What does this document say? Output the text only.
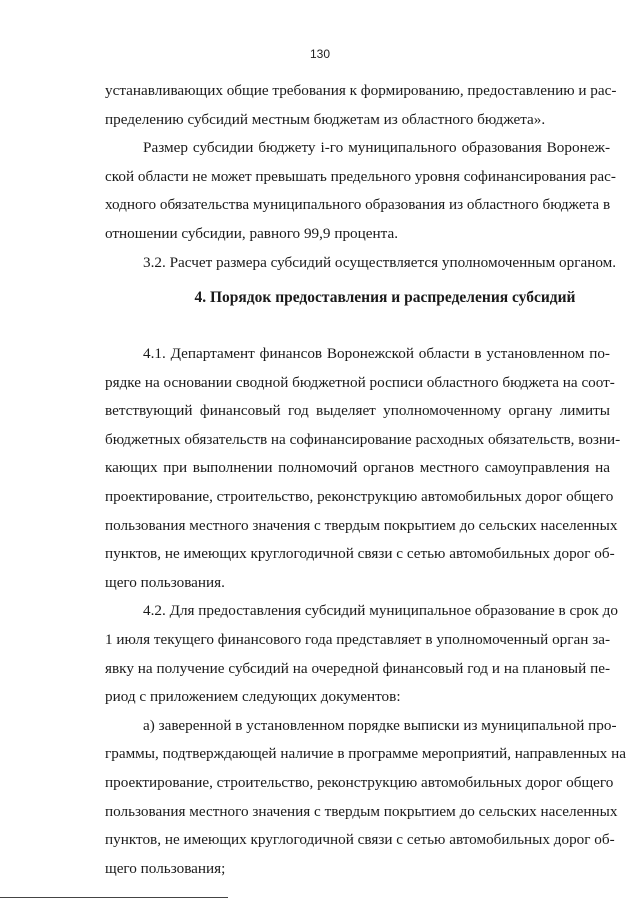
130
устанавливающих общие требования к формированию, предоставлению и рас-
пределению субсидий местным бюджетам из областного бюджета».
Размер субсидии бюджету i-го муниципального образования Воронеж-
ской области не может превышать предельного уровня софинансирования рас-
ходного обязательства муниципального образования из областного бюджета в
отношении субсидии, равного 99,9 процента.
3.2. Расчет размера субсидий осуществляется уполномоченным органом.
4. Порядок предоставления и распределения субсидий
4.1. Департамент финансов Воронежской области в установленном по-
рядке на основании сводной бюджетной росписи областного бюджета на соот-
ветствующий финансовый год выделяет уполномоченному органу лимиты
бюджетных обязательств на софинансирование расходных обязательств, возни-
кающих при выполнении полномочий органов местного самоуправления на
проектирование, строительство, реконструкцию автомобильных дорог общего
пользования местного значения с твердым покрытием до сельских населенных
пунктов, не имеющих круглогодичной связи с сетью автомобильных дорог об-
щего пользования.
4.2. Для предоставления субсидий муниципальное образование в срок до
1 июля текущего финансового года представляет в уполномоченный орган за-
явку на получение субсидий на очередной финансовый год и на плановый пе-
риод с приложением следующих документов:
а) заверенной в установленном порядке выписки из муниципальной про-
граммы, подтверждающей наличие в программе мероприятий, направленных на
проектирование, строительство, реконструкцию автомобильных дорог общего
пользования местного значения с твердым покрытием до сельских населенных
пунктов, не имеющих круглогодичной связи с сетью автомобильных дорог об-
щего пользования;
